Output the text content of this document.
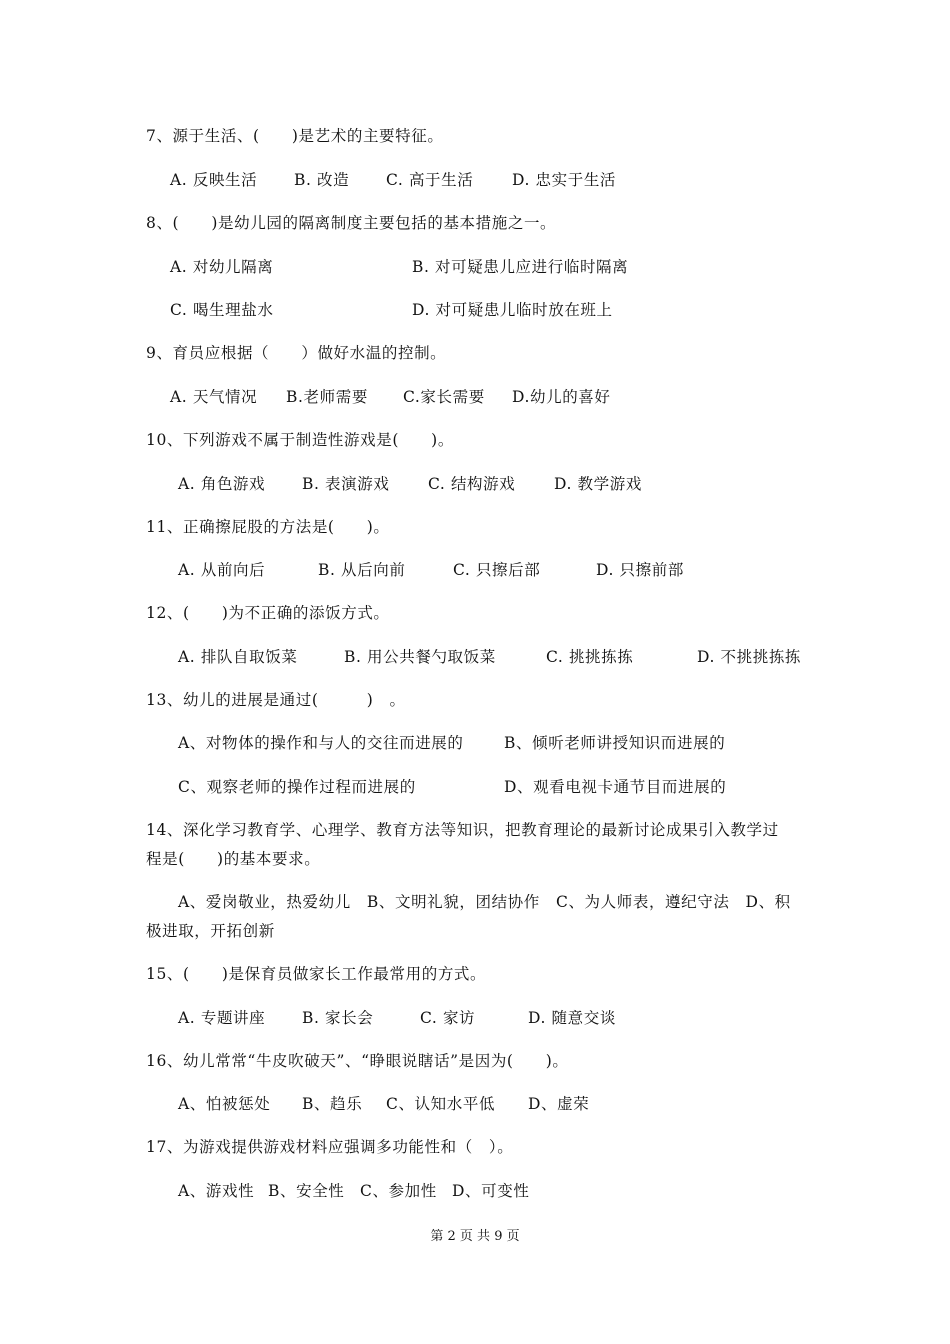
7、源于生活、(　　)是艺术的主要特征。
A. 反映生活 B. 改造 C. 高于生活 D. 忠实于生活
8、(　　)是幼儿园的隔离制度主要包括的基本措施之一。
A. 对幼儿隔离	B. 对可疑患儿应进行临时隔离
C. 喝生理盐水	D. 对可疑患儿临时放在班上
9、育员应根据（　　）做好水温的控制。
A. 天气情况 B.老师需要 C.家长需要 D.幼儿的喜好
10、下列游戏不属于制造性游戏是(　　)。
A. 角色游戏 B. 表演游戏 C. 结构游戏 D. 教学游戏
11、正确擦屁股的方法是(　　)。
A. 从前向后	B. 从后向前	C. 只擦后部	D. 只擦前部
12、(　　)为不正确的添饭方式。
A. 排队自取饭菜	B. 用公共餐勺取饭菜	C. 挑挑拣拣	D. 不挑挑拣拣
13、幼儿的进展是通过(　　　)　。
A、对物体的操作和与人的交往而进展的	B、倾听老师讲授知识而进展的
C、观察老师的操作过程而进展的	D、观看电视卡通节目而进展的
14、深化学习教育学、心理学、教育方法等知识，把教育理论的最新讨论成果引入教学过
程是(　　)的基本要求。
A、爱岗敬业，热爱幼儿　B、文明礼貌，团结协作　C、为人师表，遵纪守法　D、积
极进取，开拓创新
15、(　　)是保育员做家长工作最常用的方式。
A. 专题讲座 B. 家长会	C. 家访	D. 随意交谈
16、幼儿常常“牛皮吹破天”、“睁眼说瞎话”是因为(　　)。
A、怕被惩处 B、趋乐 C、认知水平低 D、虚荣
17、为游戏提供游戏材料应强调多功能性和（　）。
A、游戏性 B、安全性 C、参加性 D、可变性
第 2 页 共 9 页
